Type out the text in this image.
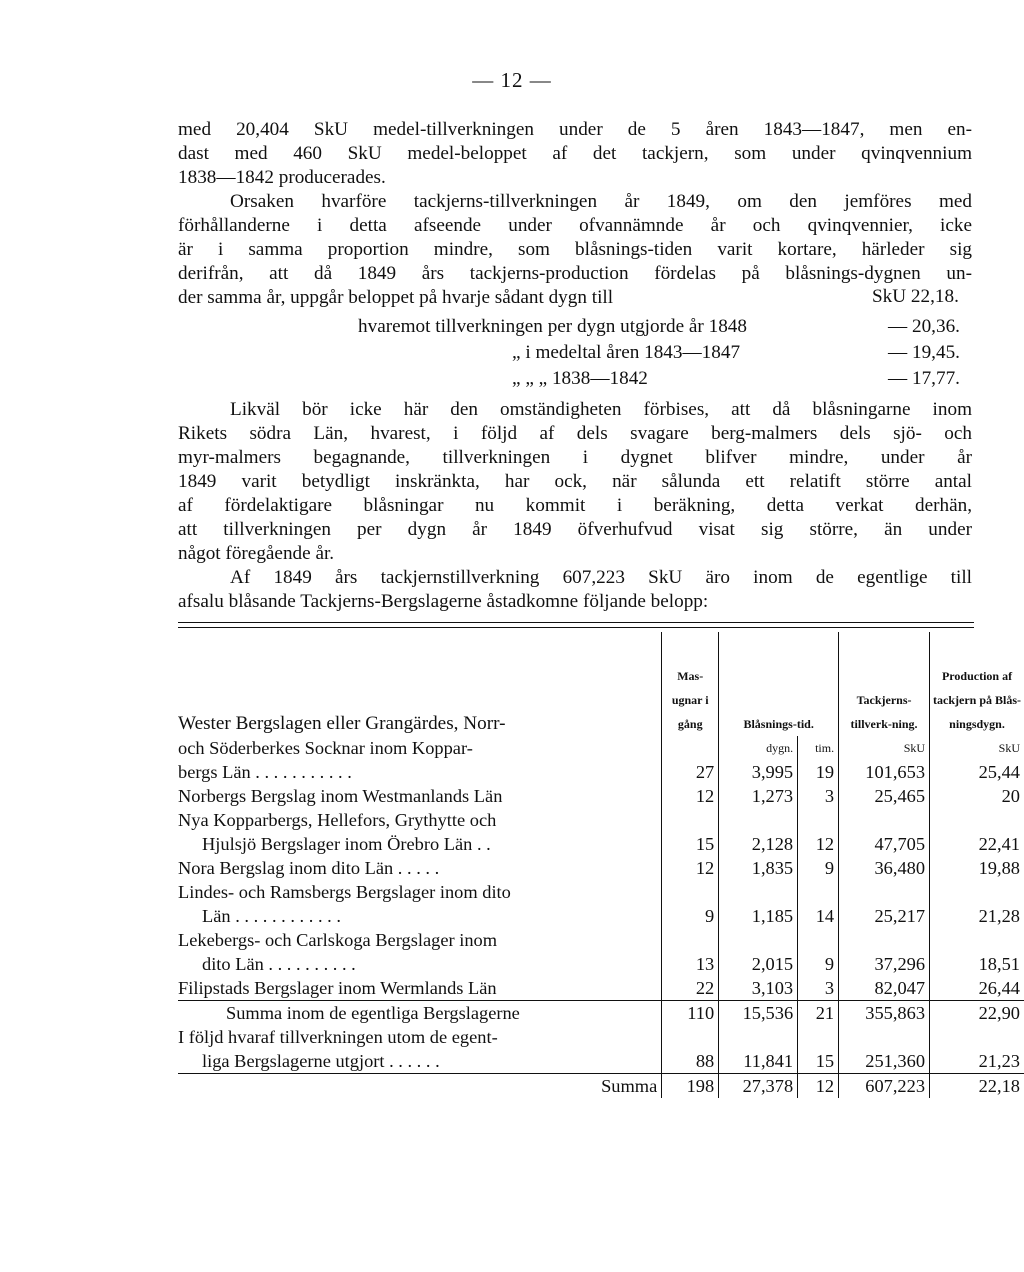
— 12 —
med 20,404 SkU medel-tillverkningen under de 5 åren 1843—1847, men en-
dast med 460 SkU medel-beloppet af det tackjern, som under qvinqvennium
1838—1842 producerades.
Orsaken hvarföre tackjerns-tillverkningen år 1849, om den jemföres med
förhållanderne i detta afseende under ofvannämnde år och qvinqvennier, icke
är i samma proportion mindre, som blåsnings-tiden varit kortare, härleder sig
derifrån, att då 1849 års tackjerns-production fördelas på blåsnings-dygnen un-
der samma år, uppgår beloppet på hvarje sådant dygn till	SkU 22,18.
hvaremot tillverkningen per dygn utgjorde år 1848	— 20,36.
„ i medeltal åren 1843—1847	— 19,45.
„ „ „ 1838—1842	— 17,77.
Likväl bör icke här den omständigheten förbises, att då blåsningarne inom
Rikets södra Län, hvarest, i följd af dels svagare berg-malmers dels sjö- och
myr-malmers begagnande, tillverkningen i dygnet blifver mindre, under år
1849 varit betydligt inskränkta, har ock, när sålunda ett relatift större antal
af fördelaktigare blåsningar nu kommit i beräkning, detta verkat derhän,
att tillverkningen per dygn år 1849 öfverhufvud visat sig större, än under
något föregående år.
Af 1849 års tackjernstillverkning 607,223 SkU äro inom de egentlige till
afsalu blåsande Tackjerns-Bergslagerne åstadkomne följande belopp:
Wester Bergslagen eller Grangärdes, Norr-	Mas-ugnar i gång	Blåsnings-tid.		Tackjerns-tillverk-ning.	Production af tackjern på Blås-ningsdygn.
och Söderberkes Socknar inom Koppar-		dygn.	tim.	SkU	SkU
bergs Län . . . . . . . . . . .	27	3,995	19	101,653	25,44
Norbergs Bergslag inom Westmanlands Län	12	1,273	3	25,465	20
Nya Kopparbergs, Hellefors, Grythytte och					
Hjulsjö Bergslager inom Örebro Län . .	15	2,128	12	47,705	22,41
Nora Bergslag inom dito Län . . . . .	12	1,835	9	36,480	19,88
Lindes- och Ramsbergs Bergslager inom dito					
Län . . . . . . . . . . . .	9	1,185	14	25,217	21,28
Lekebergs- och Carlskoga Bergslager inom					
dito Län . . . . . . . . . .	13	2,015	9	37,296	18,51
Filipstads Bergslager inom Wermlands Län	22	3,103	3	82,047	26,44
Summa inom de egentliga Bergslagerne	110	15,536	21	355,863	22,90
I följd hvaraf tillverkningen utom de egent-					
liga Bergslagerne utgjort . . . . . .	88	11,841	15	251,360	21,23
Summa	198	27,378	12	607,223	22,18
